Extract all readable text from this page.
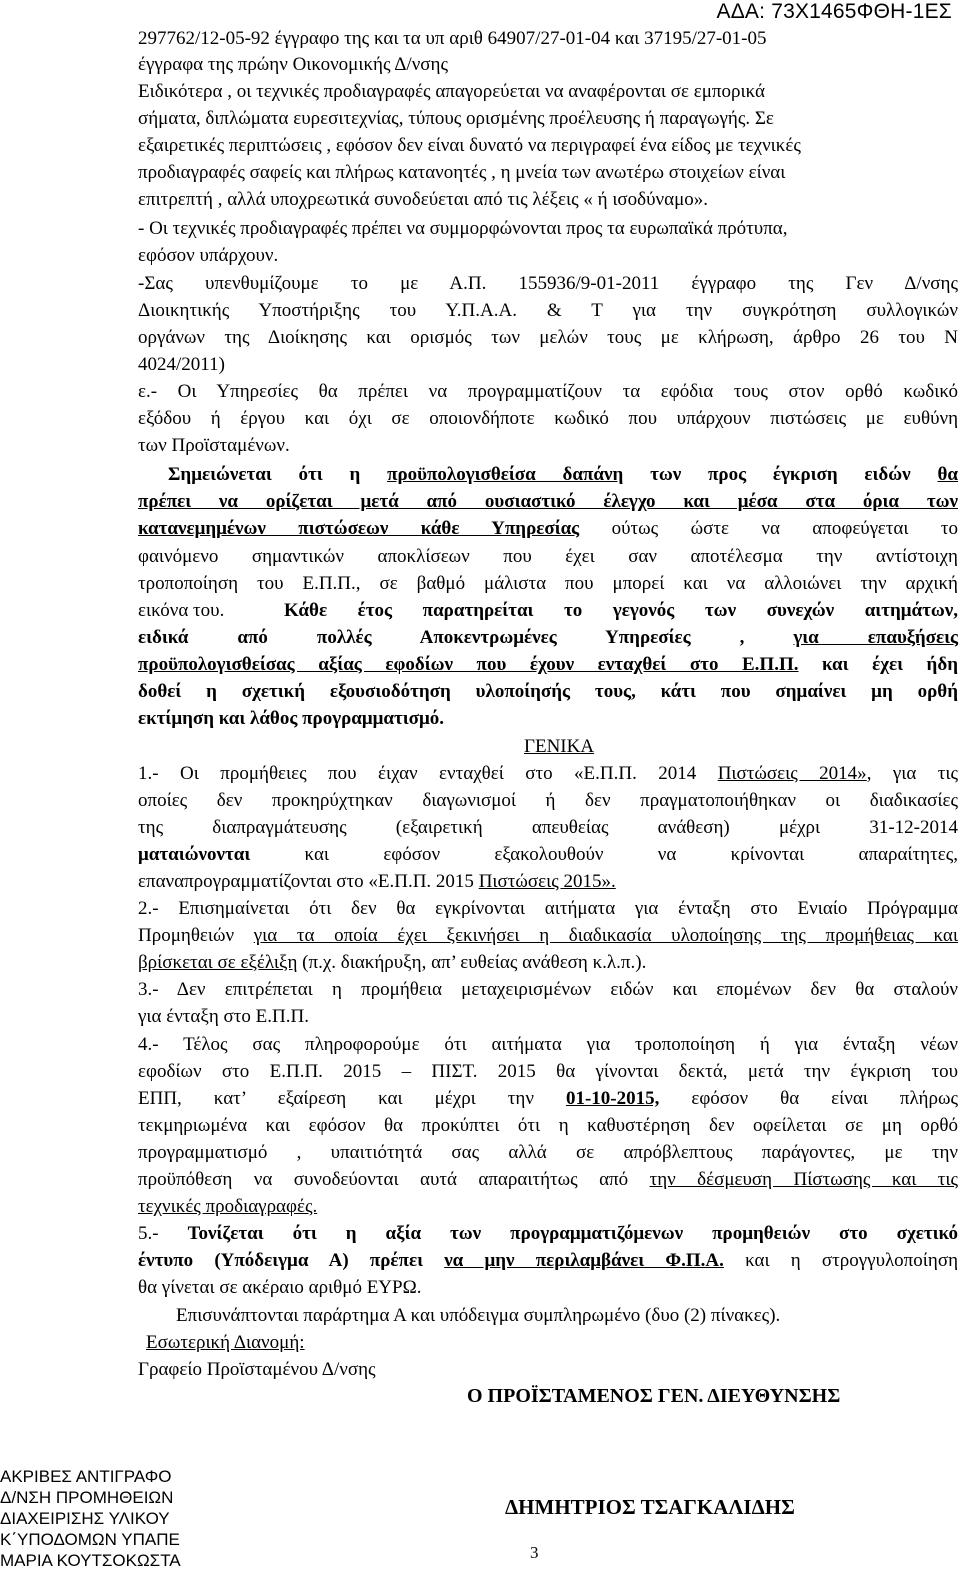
ΑΔΑ: 73Χ1465ΦΘΗ-1ΕΣ
297762/12-05-92 έγγραφο της και τα υπ αριθ 64907/27-01-04 και 37195/27-01-05
έγγραφα της πρώην Οικονομικής Δ/νσης
Ειδικότερα , οι τεχνικές προδιαγραφές απαγορεύεται να αναφέρονται σε εμπορικά
σήματα, διπλώματα ευρεσιτεχνίας, τύπους ορισμένης προέλευσης ή παραγωγής. Σε
εξαιρετικές περιπτώσεις , εφόσον δεν είναι δυνατό να περιγραφεί ένα είδος με τεχνικές
προδιαγραφές σαφείς και πλήρως κατανοητές , η μνεία των ανωτέρω στοιχείων είναι
επιτρεπτή , αλλά υποχρεωτικά συνοδεύεται από τις λέξεις « ή ισοδύναμο».
- Οι τεχνικές προδιαγραφές πρέπει να συμμορφώνονται προς τα ευρωπαϊκά πρότυπα,
εφόσον υπάρχουν.
-Σας υπενθυμίζουμε το με Α.Π. 155936/9-01-2011 έγγραφο της Γεν Δ/νσης
Διοικητικής Υποστήριξης του Υ.Π.Α.Α. & Τ για την συγκρότηση συλλογικών
οργάνων της Διοίκησης και ορισμός των μελών τους με κλήρωση, άρθρο 26 του Ν
4024/2011)
ε.- Οι Υπηρεσίες θα πρέπει να προγραμματίζουν τα εφόδια τους στον ορθό κωδικό
εξόδου ή έργου και όχι σε οποιονδήποτε κωδικό που υπάρχουν πιστώσεις με ευθύνη
των Προϊσταμένων.
Σημειώνεται ότι η προϋπολογισθείσα δαπάνη των προς έγκριση ειδών θα
πρέπει να ορίζεται μετά από ουσιαστικό έλεγχο και μέσα στα όρια των
κατανεμημένων πιστώσεων κάθε Υπηρεσίας ούτως ώστε να αποφεύγεται το
φαινόμενο σημαντικών αποκλίσεων που έχει σαν αποτέλεσμα την αντίστοιχη
τροποποίηση του Ε.Π.Π., σε βαθμό μάλιστα που μπορεί και να αλλοιώνει την αρχική
εικόνα του.	Κάθε έτος παρατηρείται το γεγονός των συνεχών αιτημάτων,
ειδικά από πολλές Αποκεντρωμένες Υπηρεσίες , για επαυξήσεις
προϋπολογισθείσας αξίας εφοδίων που έχουν ενταχθεί στο Ε.Π.Π. και έχει ήδη
δοθεί η σχετική εξουσιοδότηση υλοποίησής τους, κάτι που σημαίνει μη ορθή
εκτίμηση και λάθος προγραμματισμό.
ΓΕΝΙΚΑ
1.- Οι προμήθειες που έιχαν ενταχθεί στο «Ε.Π.Π. 2014 Πιστώσεις 2014», για τις
οποίες δεν προκηρύχτηκαν διαγωνισμοί ή δεν πραγματοποιήθηκαν οι διαδικασίες
της διαπραγμάτευσης (εξαιρετική απευθείας ανάθεση) μέχρι 31-12-2014
ματαιώνονται και εφόσον εξακολουθούν να κρίνονται απαραίτητες,
επαναπρογραμματίζονται στο «Ε.Π.Π. 2015 Πιστώσεις 2015».
2.- Επισημαίνεται ότι δεν θα εγκρίνονται αιτήματα για ένταξη στο Ενιαίο Πρόγραμμα
Προμηθειών για τα οποία έχει ξεκινήσει η διαδικασία υλοποίησης της προμήθειας και
βρίσκεται σε εξέλιξη (π.χ. διακήρυξη, απ’ ευθείας ανάθεση κ.λ.π.).
3.- Δεν επιτρέπεται η προμήθεια μεταχειρισμένων ειδών και επομένων δεν θα σταλούν
για ένταξη στο Ε.Π.Π.
4.- Τέλος σας πληροφορούμε ότι αιτήματα για τροποποίηση ή για ένταξη νέων
εφοδίων στο Ε.Π.Π. 2015 – ΠΙΣΤ. 2015 θα γίνονται δεκτά, μετά την έγκριση του
ΕΠΠ, κατ’ εξαίρεση και μέχρι την 01-10-2015, εφόσον θα είναι πλήρως
τεκμηριωμένα και εφόσον θα προκύπτει ότι η καθυστέρηση δεν οφείλεται σε μη ορθό
προγραμματισμό , υπαιτιότητά σας αλλά σε απρόβλεπτους παράγοντες, με την
προϋπόθεση να συνοδεύονται αυτά απαραιτήτως από την δέσμευση Πίστωσης και τις
τεχνικές προδιαγραφές.
5.- Τονίζεται ότι η αξία των προγραμματιζόμενων προμηθειών στο σχετικό
έντυπο (Υπόδειγμα Α) πρέπει να μην περιλαμβάνει Φ.Π.Α. και η στρογγυλοποίηση
θα γίνεται σε ακέραιο αριθμό ΕΥΡΩ.
Επισυνάπτονται παράρτημα Α και υπόδειγμα συμπληρωμένο (δυο (2) πίνακες).
Εσωτερική Διανομή:
Γραφείο Προϊσταμένου Δ/νσης
Ο ΠΡΟΪΣΤΑΜΕΝΟΣ ΓΕΝ. ΔΙΕΥΘΥΝΣΗΣ
ΑΚΡΙΒΕΣ ΑΝΤΙΓΡΑΦΟ
Δ/ΝΣΗ ΠΡΟΜΗΘΕΙΩΝ
ΔΙΑΧΕΙΡΙΣΗΣ ΥΛΙΚΟΥ
Κ΄ΥΠΟΔΟΜΩΝ ΥΠΑΠΕ
ΜΑΡΙΑ ΚΟΥΤΣΟΚΩΣΤΑ
ΔΗΜΗΤΡΙΟΣ ΤΣΑΓΚΑΛΙΔΗΣ
3
